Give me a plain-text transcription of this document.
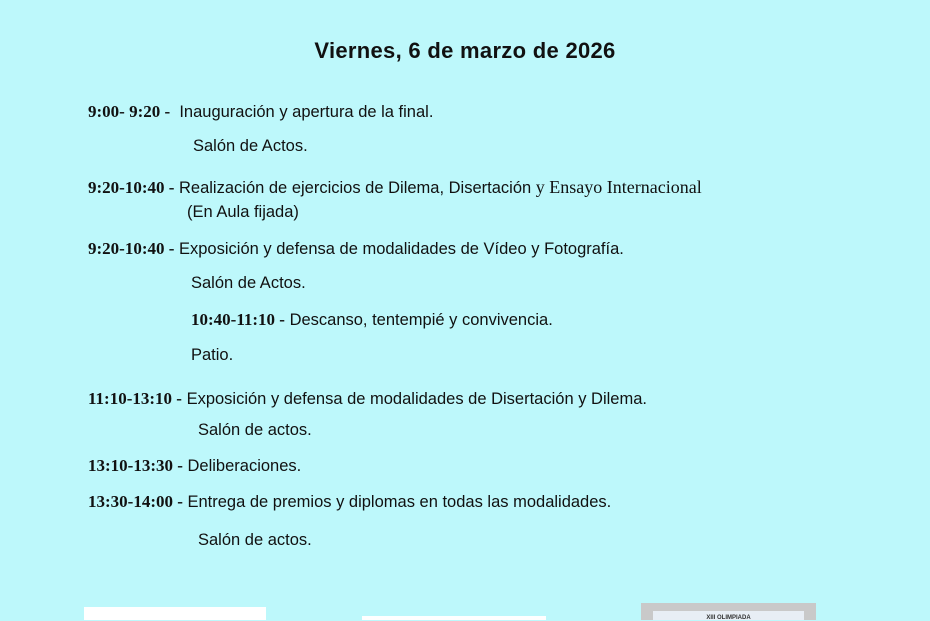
Viernes, 6 de marzo de 2026
9:00- 9:20 - Inauguración y apertura de la final.
Salón de Actos.
9:20-10:40 - Realización de ejercicios de Dilema, Disertación y Ensayo Internacional
(En Aula fijada)
9:20-10:40 - Exposición y defensa de modalidades de Vídeo y Fotografía.
Salón de Actos.
10:40-11:10 - Descanso, tentempié y convivencia.
Patio.
11:10-13:10 - Exposición y defensa de modalidades de Disertación y Dilema.
Salón de actos.
13:10-13:30 - Deliberaciones.
13:30-14:00 - Entrega de premios y diplomas en todas las modalidades.
Salón de actos.
XIII OLIMPIADA
